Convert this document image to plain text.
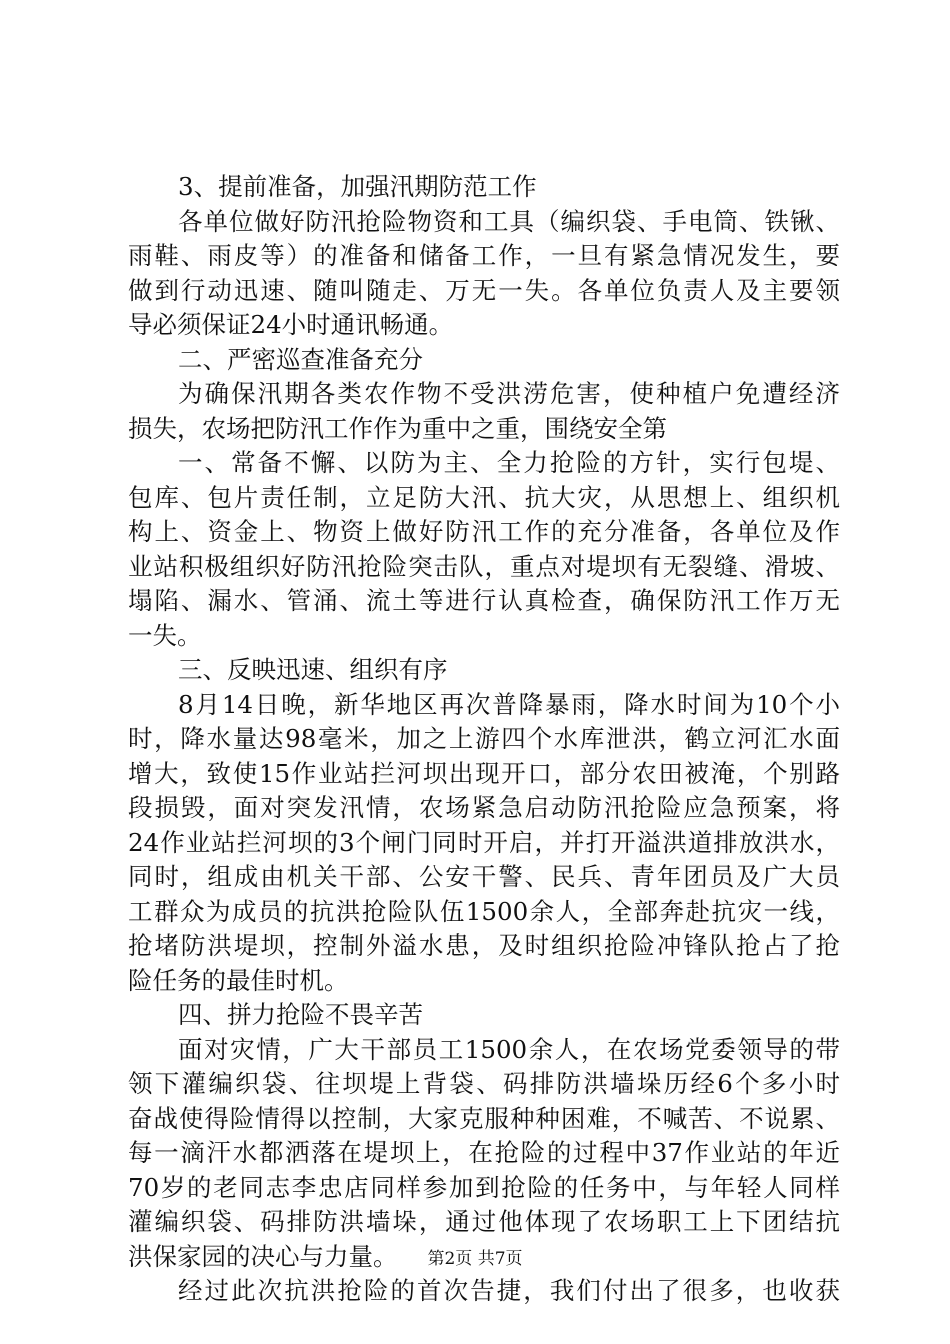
3、提前准备，加强汛期防范工作
各单位做好防汛抢险物资和工具（编织袋、手电筒、铁锹、
雨鞋、雨皮等）的准备和储备工作，一旦有紧急情况发生，要
做到行动迅速、随叫随走、万无一失。各单位负责人及主要领
导必须保证24小时通讯畅通。
二、严密巡查准备充分
为确保汛期各类农作物不受洪涝危害，使种植户免遭经济
损失，农场把防汛工作作为重中之重，围绕安全第
一、常备不懈、以防为主、全力抢险的方针，实行包堤、
包库、包片责任制，立足防大汛、抗大灾，从思想上、组织机
构上、资金上、物资上做好防汛工作的充分准备，各单位及作
业站积极组织好防汛抢险突击队，重点对堤坝有无裂缝、滑坡、
塌陷、漏水、管涌、流土等进行认真检查，确保防汛工作万无
一失。
三、反映迅速、组织有序
8月14日晚，新华地区再次普降暴雨，降水时间为10个小
时，降水量达98毫米，加之上游四个水库泄洪，鹤立河汇水面
增大，致使15作业站拦河坝出现开口，部分农田被淹，个别路
段损毁，面对突发汛情，农场紧急启动防汛抢险应急预案，将
24作业站拦河坝的3个闸门同时开启，并打开溢洪道排放洪水，
同时，组成由机关干部、公安干警、民兵、青年团员及广大员
工群众为成员的抗洪抢险队伍1500余人，全部奔赴抗灾一线，
抢堵防洪堤坝，控制外溢水患，及时组织抢险冲锋队抢占了抢
险任务的最佳时机。
四、拼力抢险不畏辛苦
面对灾情，广大干部员工1500余人，在农场党委领导的带
领下灌编织袋、往坝堤上背袋、码排防洪墙垛历经6个多小时
奋战使得险情得以控制，大家克服种种困难，不喊苦、不说累、
每一滴汗水都洒落在堤坝上，在抢险的过程中37作业站的年近
70岁的老同志李忠店同样参加到抢险的任务中，与年轻人同样
灌编织袋、码排防洪墙垛，通过他体现了农场职工上下团结抗
洪保家园的决心与力量。
经过此次抗洪抢险的首次告捷，我们付出了很多，也收获
第2页 共7页
